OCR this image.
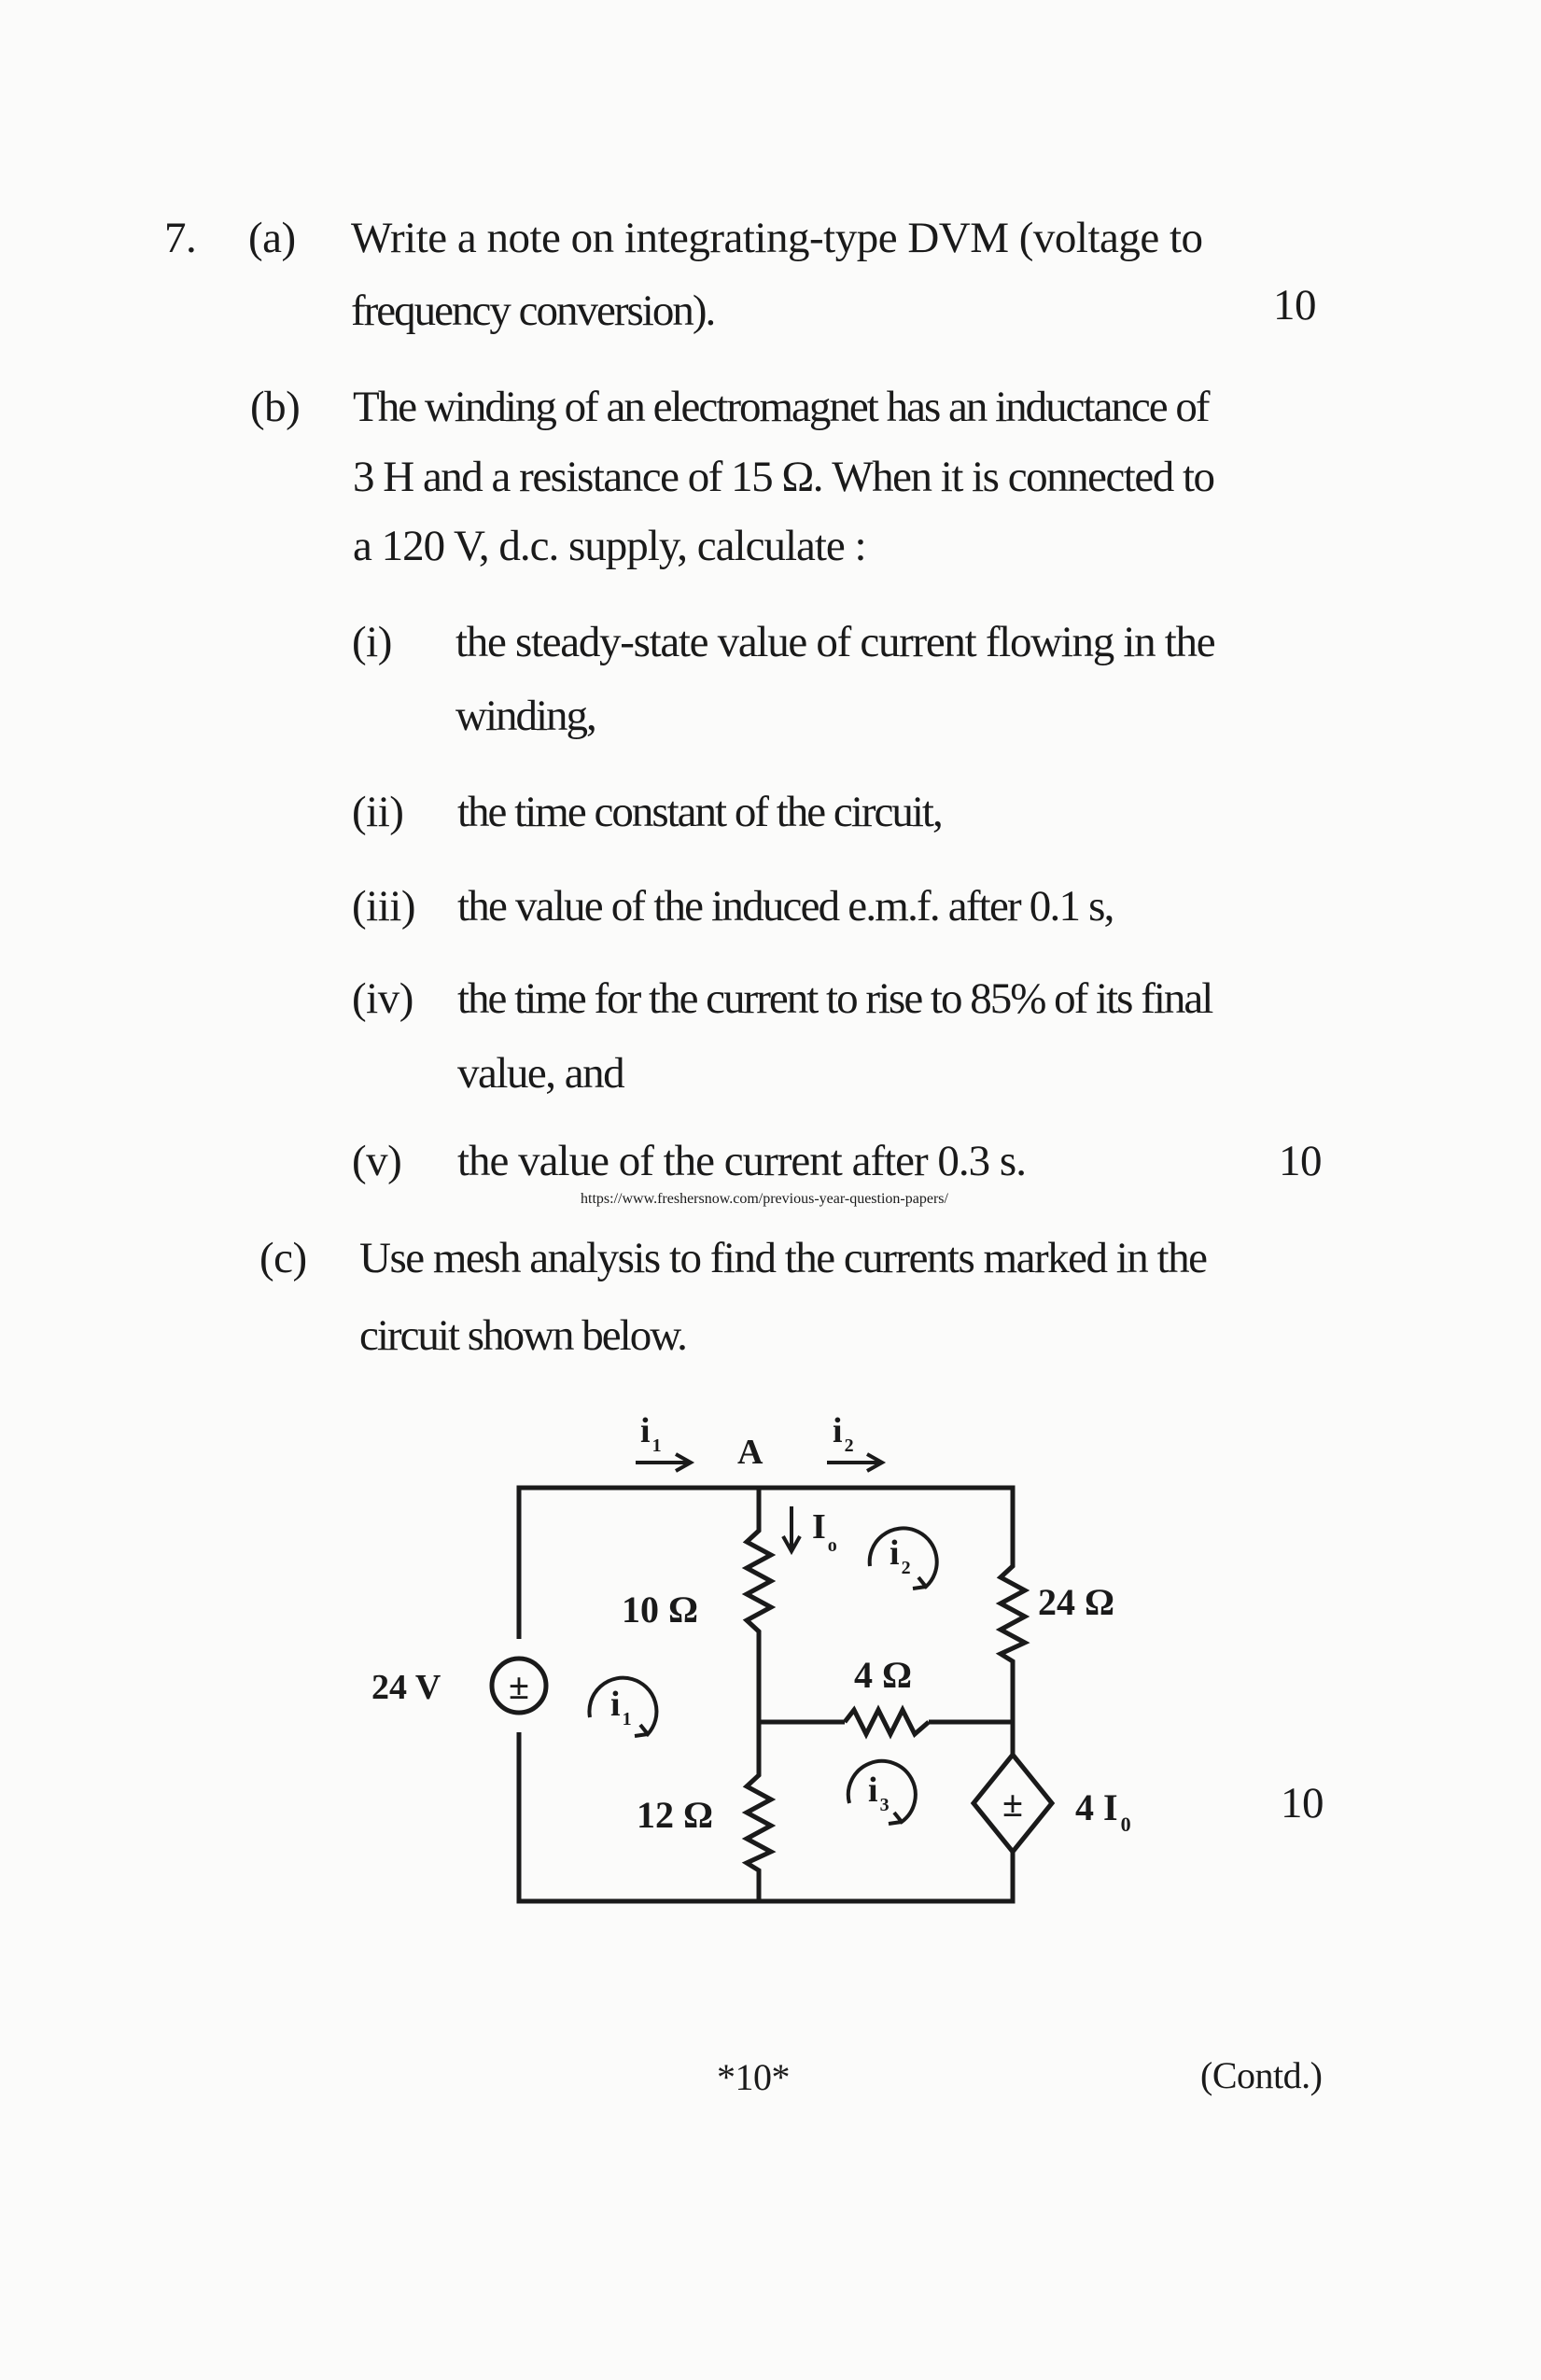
7. (a) Write a note on integrating-type DVM (voltage to
frequency conversion).	10
(b) The winding of an electromagnet has an inductance of
3 H and a resistance of 15 Ω. When it is connected to
a 120 V, d.c. supply, calculate :
(i) the steady-state value of current flowing in the
winding,
(ii) the time constant of the circuit,
(iii) the value of the induced e.m.f. after 0.1 s,
(iv) the time for the current to rise to 85% of its final
value, and
(v) the value of the current after 0.3 s.	10
https://www.freshersnow.com/previous-year-question-papers/
(c) Use mesh analysis to find the currents marked in the
circuit shown below.
10
±
±
24 V
A
i $_1$	i $_2$
I $_o$
10 Ω	24 Ω
4 Ω
12 Ω	4 I $_0$
i $_1$
i $_2$
i $_3$
*10*	(Contd.)
